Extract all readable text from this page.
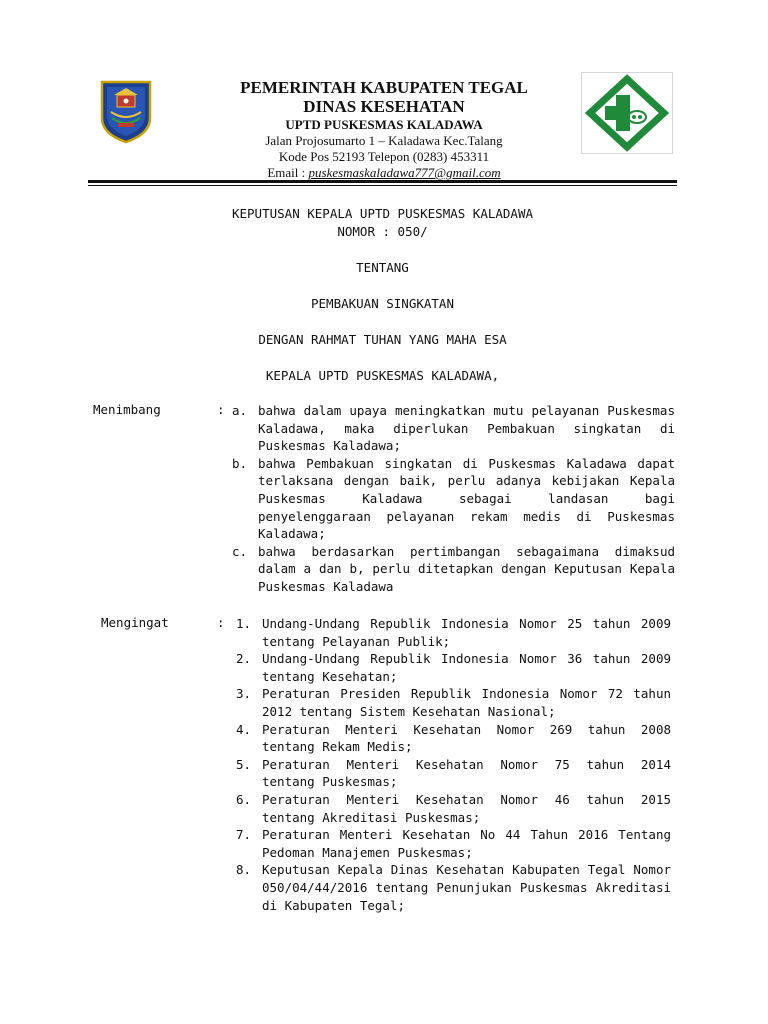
PEMERINTAH KABUPATEN TEGAL
DINAS KESEHATAN
UPTD PUSKESMAS KALADAWA
Jalan Projosumarto 1 – Kaladawa Kec.Talang
Kode Pos 52193 Telepon (0283) 453311
Email : puskesmaskaladawa777@gmail.com
KEPUTUSAN KEPALA UPTD PUSKESMAS KALADAWA
NOMOR : 050/
TENTANG
PEMBAKUAN SINGKATAN
DENGAN RAHMAT TUHAN YANG MAHA ESA
KEPALA UPTD PUSKESMAS KALADAWA,
Menimbang	: a. bahwa dalam upaya meningkatkan mutu pelayanan Puskesmas Kaladawa, maka diperlukan Pembakuan singkatan di Puskesmas Kaladawa;
b. bahwa Pembakuan singkatan di Puskesmas Kaladawa dapat terlaksana dengan baik, perlu adanya kebijakan Kepala Puskesmas Kaladawa sebagai landasan bagi penyelenggaraan pelayanan rekam medis di Puskesmas Kaladawa;
c. bahwa berdasarkan pertimbangan sebagaimana dimaksud dalam a dan b, perlu ditetapkan dengan Keputusan Kepala Puskesmas Kaladawa
Mengingat	: 1. Undang-Undang Republik Indonesia Nomor 25 tahun 2009 tentang Pelayanan Publik;
2. Undang-Undang Republik Indonesia Nomor 36 tahun 2009 tentang Kesehatan;
3. Peraturan Presiden Republik Indonesia Nomor 72 tahun 2012 tentang Sistem Kesehatan Nasional;
4. Peraturan Menteri Kesehatan Nomor 269 tahun 2008 tentang Rekam Medis;
5. Peraturan Menteri Kesehatan Nomor 75 tahun 2014 tentang Puskesmas;
6. Peraturan Menteri Kesehatan Nomor 46 tahun 2015 tentang Akreditasi Puskesmas;
7. Peraturan Menteri Kesehatan No 44 Tahun 2016 Tentang Pedoman Manajemen Puskesmas;
8. Keputusan Kepala Dinas Kesehatan Kabupaten Tegal Nomor 050/04/44/2016 tentang Penunjukan Puskesmas Akreditasi di Kabupaten Tegal;
